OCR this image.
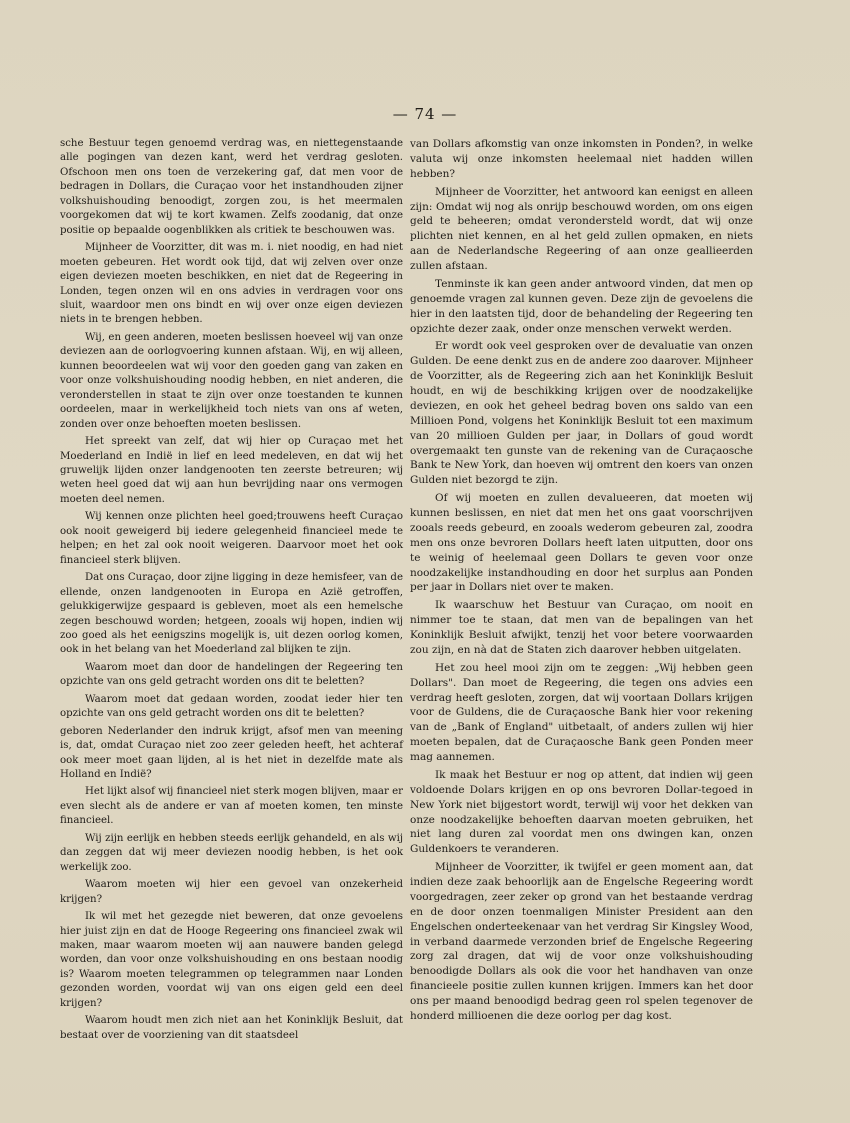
— 74 —

sche Bestuur tegen genoemd verdrag was, en niettegenstaande alle pogingen van dezen kant, werd het verdrag gesloten. Ofschoon men ons toen de verzekering gaf, dat men voor de bedragen in Dollars, die Curaçao voor het instandhouden zijner volkshuishouding benoodigt, zorgen zou, is het meermalen voorgekomen dat wij te kort kwamen. Zelfs zoodanig, dat onze positie op bepaalde oogenblikken als critiek te beschouwen was.

Mijnheer de Voorzitter, dit was m. i. niet noodig, en had niet moeten gebeuren. Het wordt ook tijd, dat wij zelven over onze eigen deviezen moeten beschikken, en niet dat de Regeering in Londen, tegen onzen wil en ons advies in verdragen voor ons sluit, waardoor men ons bindt en wij over onze eigen deviezen niets in te brengen hebben.

Wij, en geen anderen, moeten beslissen hoeveel wij van onze deviezen aan de oorlogvoering kunnen afstaan. Wij, en wij alleen, kunnen beoordeelen wat wij voor den goeden gang van zaken en voor onze volkshuishouding noodig hebben, en niet anderen, die veronderstellen in staat te zijn over onze toestanden te kunnen oordeelen, maar in werkelijkheid toch niets van ons af weten, zonden over onze behoeften moeten beslissen.

Het spreekt van zelf, dat wij hier op Curaçao met het Moederland en Indië in lief en leed medeleven, en dat wij het gruwelijk lijden onzer landgenooten ten zeerste betreuren; wij weten heel goed dat wij aan hun bevrijding naar ons vermogen moeten deel nemen.

Wij kennen onze plichten heel goed;trouwens heeft Curaçao ook nooit geweigerd bij iedere gelegenheid financieel mede te helpen; en het zal ook nooit weigeren. Daarvoor moet het ook financieel sterk blijven.

Dat ons Curaçao, door zijne ligging in deze hemisfeer, van de ellende, onzen landgenooten in Europa en Azië getroffen, gelukkigerwijze gespaard is gebleven, moet als een hemelsche zegen beschouwd worden; hetgeen, zooals wij hopen, indien wij zoo goed als het eenigszins mogelijk is, uit dezen oorlog komen, ook in het belang van het Moederland zal blijken te zijn.

Waarom moet dan door de handelingen der Regeering ten opzichte van ons geld getracht worden ons dit te beletten?

Waarom moet dat gedaan worden, zoodat ieder hier ten opzichte van ons geld getracht worden ons dit te beletten?

geboren Nederlander den indruk krijgt, afsof men van meening is, dat, omdat Curaçao niet zoo zeer geleden heeft, het achteraf ook meer moet gaan lijden, al is het niet in dezelfde mate als Holland en Indië?

Het lijkt alsof wij financieel niet sterk mogen blijven, maar er even slecht als de andere er van af moeten komen, ten minste financieel.

Wij zijn eerlijk en hebben steeds eerlijk gehandeld, en als wij dan zeggen dat wij meer deviezen noodig hebben, is het ook werkelijk zoo.

Waarom moeten wij hier een gevoel van onzekerheid krijgen?

Ik wil met het gezegde niet beweren, dat onze gevoelens hier juist zijn en dat de Hooge Regeering ons financieel zwak wil maken, maar waarom moeten wij aan nauwere banden gelegd worden, dan voor onze volkshuishouding en ons bestaan noodig is? Waarom moeten telegrammen op telegrammen naar Londen gezonden worden, voordat wij van ons eigen geld een deel krijgen?

Waarom houdt men zich niet aan het Koninklijk Besluit, dat bestaat over de voorziening van dit staatsdeel

van Dollars afkomstig van onze inkomsten in Ponden?, in welke valuta wij onze inkomsten heelemaal niet hadden willen hebben?

Mijnheer de Voorzitter, het antwoord kan eenigst en alleen zijn: Omdat wij nog als onrijp beschouwd worden, om ons eigen geld te beheeren; omdat verondersteld wordt, dat wij onze plichten niet kennen, en al het geld zullen opmaken, en niets aan de Nederlandsche Regeering of aan onze geallieerden zullen afstaan.

Tenminste ik kan geen ander antwoord vinden, dat men op genoemde vragen zal kunnen geven. Deze zijn de gevoelens die hier in den laatsten tijd, door de behandeling der Regeering ten opzichte dezer zaak, onder onze menschen verwekt werden.

Er wordt ook veel gesproken over de devaluatie van onzen Gulden. De eene denkt zus en de andere zoo daarover. Mijnheer de Voorzitter, als de Regeering zich aan het Koninklijk Besluit houdt, en wij de beschikking krijgen over de noodzakelijke deviezen, en ook het geheel bedrag boven ons saldo van een Millioen Pond, volgens het Koninklijk Besluit tot een maximum van 20 millioen Gulden per jaar, in Dollars of goud wordt overgemaakt ten gunste van de rekening van de Curaçaosche Bank te New York, dan hoeven wij omtrent den koers van onzen Gulden niet bezorgd te zijn.

Of wij moeten en zullen devalueeren, dat moeten wij kunnen beslissen, en niet dat men het ons gaat voorschrijven zooals reeds gebeurd, en zooals wederom gebeuren zal, zoodra men ons onze bevroren Dollars heeft laten uitputten, door ons te weinig of heelemaal geen Dollars te geven voor onze noodzakelijke instandhouding en door het surplus aan Ponden per jaar in Dollars niet over te maken.

Ik waarschuw het Bestuur van Curaçao, om nooit en nimmer toe te staan, dat men van de bepalingen van het Koninklijk Besluit afwijkt, tenzij het voor betere voorwaarden zou zijn, en nà dat de Staten zich daarover hebben uitgelaten.

Het zou heel mooi zijn om te zeggen: „Wij hebben geen Dollars". Dan moet de Regeering, die tegen ons advies een verdrag heeft gesloten, zorgen, dat wij voortaan Dollars krijgen voor de Guldens, die de Curaçaosche Bank hier voor rekening van de „Bank of England" uitbetaalt, of anders zullen wij hier moeten bepalen, dat de Curaçaosche Bank geen Ponden meer mag aannemen.

Ik maak het Bestuur er nog op attent, dat indien wij geen voldoende Dolars krijgen en op ons bevroren Dollar-tegoed in New York niet bijgestort wordt, terwijl wij voor het dekken van onze noodzakelijke behoeften daarvan moeten gebruiken, het niet lang duren zal voordat men ons dwingen kan, onzen Guldenkoers te veranderen.

Mijnheer de Voorzitter, ik twijfel er geen moment aan, dat indien deze zaak behoorlijk aan de Engelsche Regeering wordt voorgedragen, zeer zeker op grond van het bestaande verdrag en de door onzen toenmaligen Minister President aan den Engelschen onderteekenaar van het verdrag Sir Kingsley Wood, in verband daarmede verzonden brief de Engelsche Regeering zorg zal dragen, dat wij de voor onze volkshuishouding benoodigde Dollars als ook die voor het handhaven van onze financieele positie zullen kunnen krijgen. Immers kan het door ons per maand benoodigd bedrag geen rol spelen tegenover de honderd millioenen die deze oorlog per dag kost.
